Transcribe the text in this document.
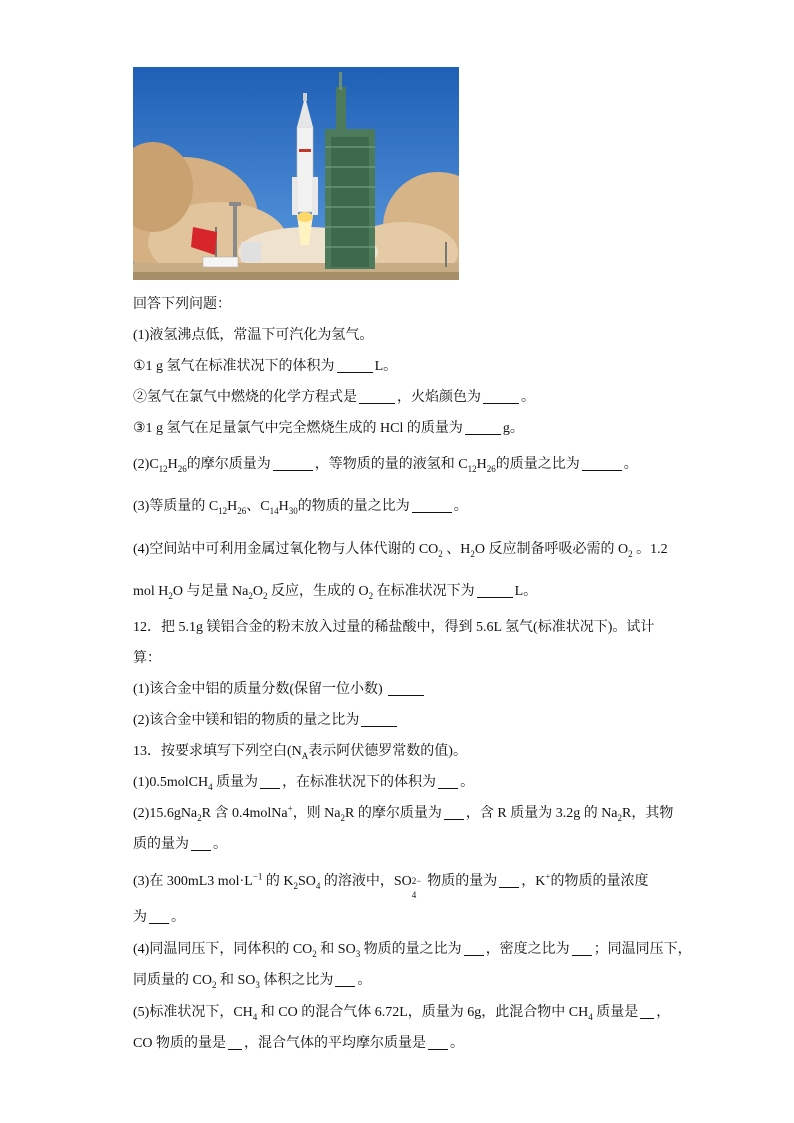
回答下列问题：
(1)液氢沸点低，常温下可汽化为氢气。
①1 g 氢气在标准状况下的体积为	L。
②氢气在氯气中燃烧的化学方程式是	，火焰颜色为	。
③1 g 氢气在足量氯气中完全燃烧生成的 HCl 的质量为	g。
$(2)C_{12}H_{26}$的摩尔质量为	，等物质的量的液氢和 $C_{12}H_{26}$的质量之比为	。
(3)等质量的 $C_{12}H_{26}$、$C_{14}H_{30}$的物质的量之比为	。
(4)空间站中可利用金属过氧化物与人体代谢的 $CO_2$ 、$H_2O$ 反应制备呼吸必需的 $O_2$ 。1.2
mol $H_2O$ 与足量 $Na_2O_2$ 反应，生成的 $O_2$ 在标准状况下为	L。
12．把 5.1g 镁铝合金的粉末放入过量的稀盐酸中，得到 5.6L 氢气(标准状况下)。试计
算：
(1)该合金中铝的质量分数(保留一位小数)
(2)该合金中镁和铝的物质的量之比为
13．按要求填写下列空白($N_A$表示阿伏德罗常数的值)。
(1)0.5molCH$_4$ 质量为 ，在标准状况下的体积为 。
(2)15.6gNa$_2$R 含 0.4molNa+，则 $Na_2R$ 的摩尔质量为 ，含 R 质量为 3.2g 的 $Na_2R$，其物
质的量为 。
(3)在 300mL3 $mol\cdot L^{-1}$ 的 $K_2SO_4$ 的溶液中，SO 2−
4
物质的量为 ，K+的物质的量浓度
为 。
(4)同温同压下，同体积的 $CO_2$ 和 $SO_3$ 物质的量之比为 ，密度之比为 ；同温同压下，
同质量的 $CO_2$ 和 $SO_3$ 体积之比为 。
(5)标准状况下，$CH_4$ 和 CO 的混合气体 6.72L，质量为 6g，此混合物中 $CH_4$ 质量是 ，
CO 物质的量是 ，混合气体的平均摩尔质量是 。
